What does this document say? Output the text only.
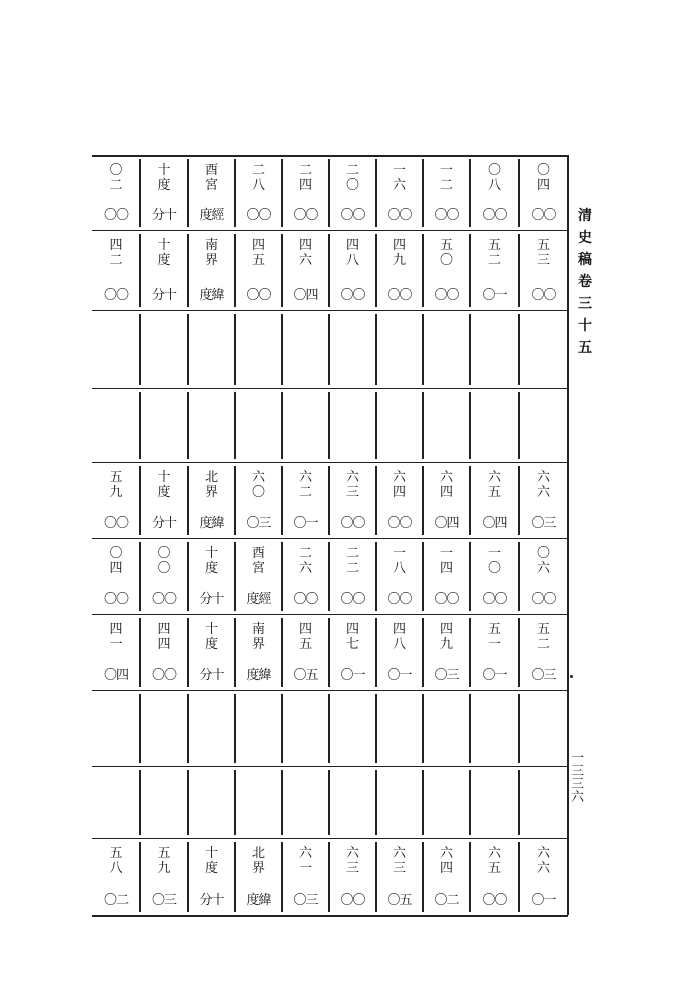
〇
二
〇〇
十
度
分十
酉
宮
度經
二
八
〇〇
二
四
〇〇
二
〇
〇〇
一
六
〇〇
一
二
〇〇
〇
八
〇〇
〇
四
〇〇
四
二
〇〇
十
度
分十
南
界
度緯
四
五
〇〇
四
六
〇四
四
八
〇〇
四
九
〇〇
五
〇
〇〇
五
二
〇一
五
三
〇〇
五
九
〇〇
十
度
分十
北
界
度緯
六
〇
〇三
六
二
〇一
六
三
〇〇
六
四
〇〇
六
四
〇四
六
五
〇四
六
六
〇三
〇
四
〇〇
〇
〇
〇〇
十
度
分十
酉
宮
度經
二
六
〇〇
二
二
〇〇
一
八
〇〇
一
四
〇〇
一
〇
〇〇
〇
六
〇〇
四
一
〇四
四
四
〇〇
十
度
分十
南
界
度緯
四
五
〇五
四
七
〇一
四
八
〇一
四
九
〇三
五
一
〇一
五
二
〇三
五
八
〇二
五
九
〇三
十
度
分十
北
界
度緯
六
一
〇三
六
三
〇〇
六
三
〇五
六
四
〇二
六
五
〇〇
六
六
〇一
清
史
稿
卷
三
十
五
一
三
三
六
